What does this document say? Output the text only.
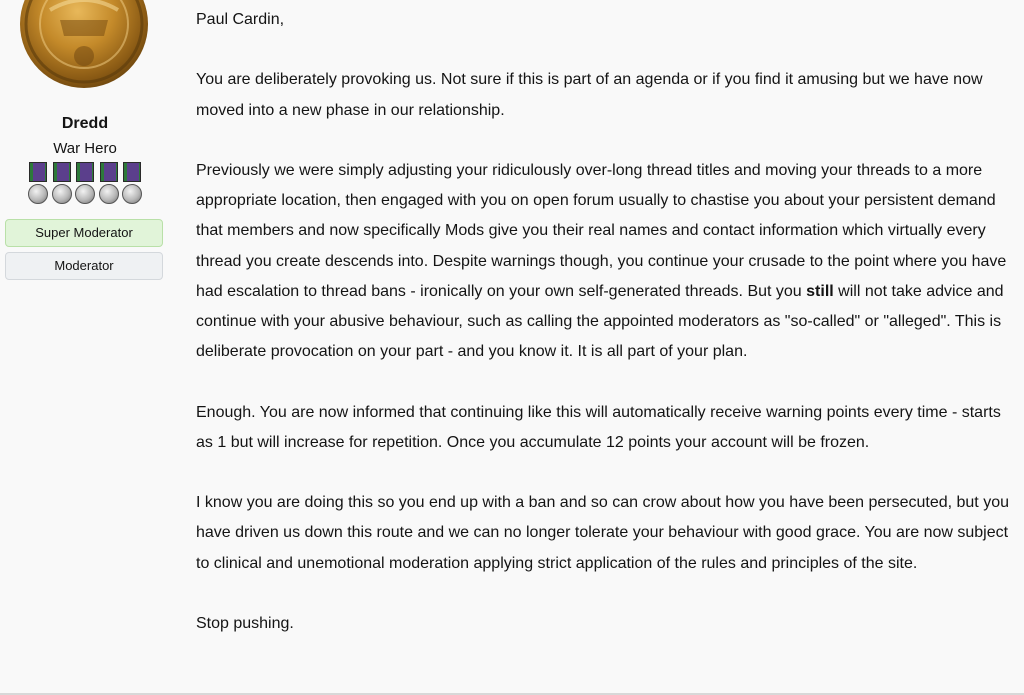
Dredd
War Hero
Super Moderator
Moderator

Paul Cardin,

You are deliberately provoking us. Not sure if this is part of an agenda or if you find it amusing but we have now moved into a new phase in our relationship.

Previously we were simply adjusting your ridiculously over-long thread titles and moving your threads to a more appropriate location, then engaged with you on open forum usually to chastise you about your persistent demand that members and now specifically Mods give you their real names and contact information which virtually every thread you create descends into. Despite warnings though, you continue your crusade to the point where you have had escalation to thread bans - ironically on your own self-generated threads. But you still will not take advice and continue with your abusive behaviour, such as calling the appointed moderators as "so-called" or "alleged". This is deliberate provocation on your part - and you know it. It is all part of your plan.

Enough. You are now informed that continuing like this will automatically receive warning points every time - starts as 1 but will increase for repetition. Once you accumulate 12 points your account will be frozen.

I know you are doing this so you end up with a ban and so can crow about how you have been persecuted, but you have driven us down this route and we can no longer tolerate your behaviour with good grace. You are now subject to clinical and unemotional moderation applying strict application of the rules and principles of the site.

Stop pushing.
